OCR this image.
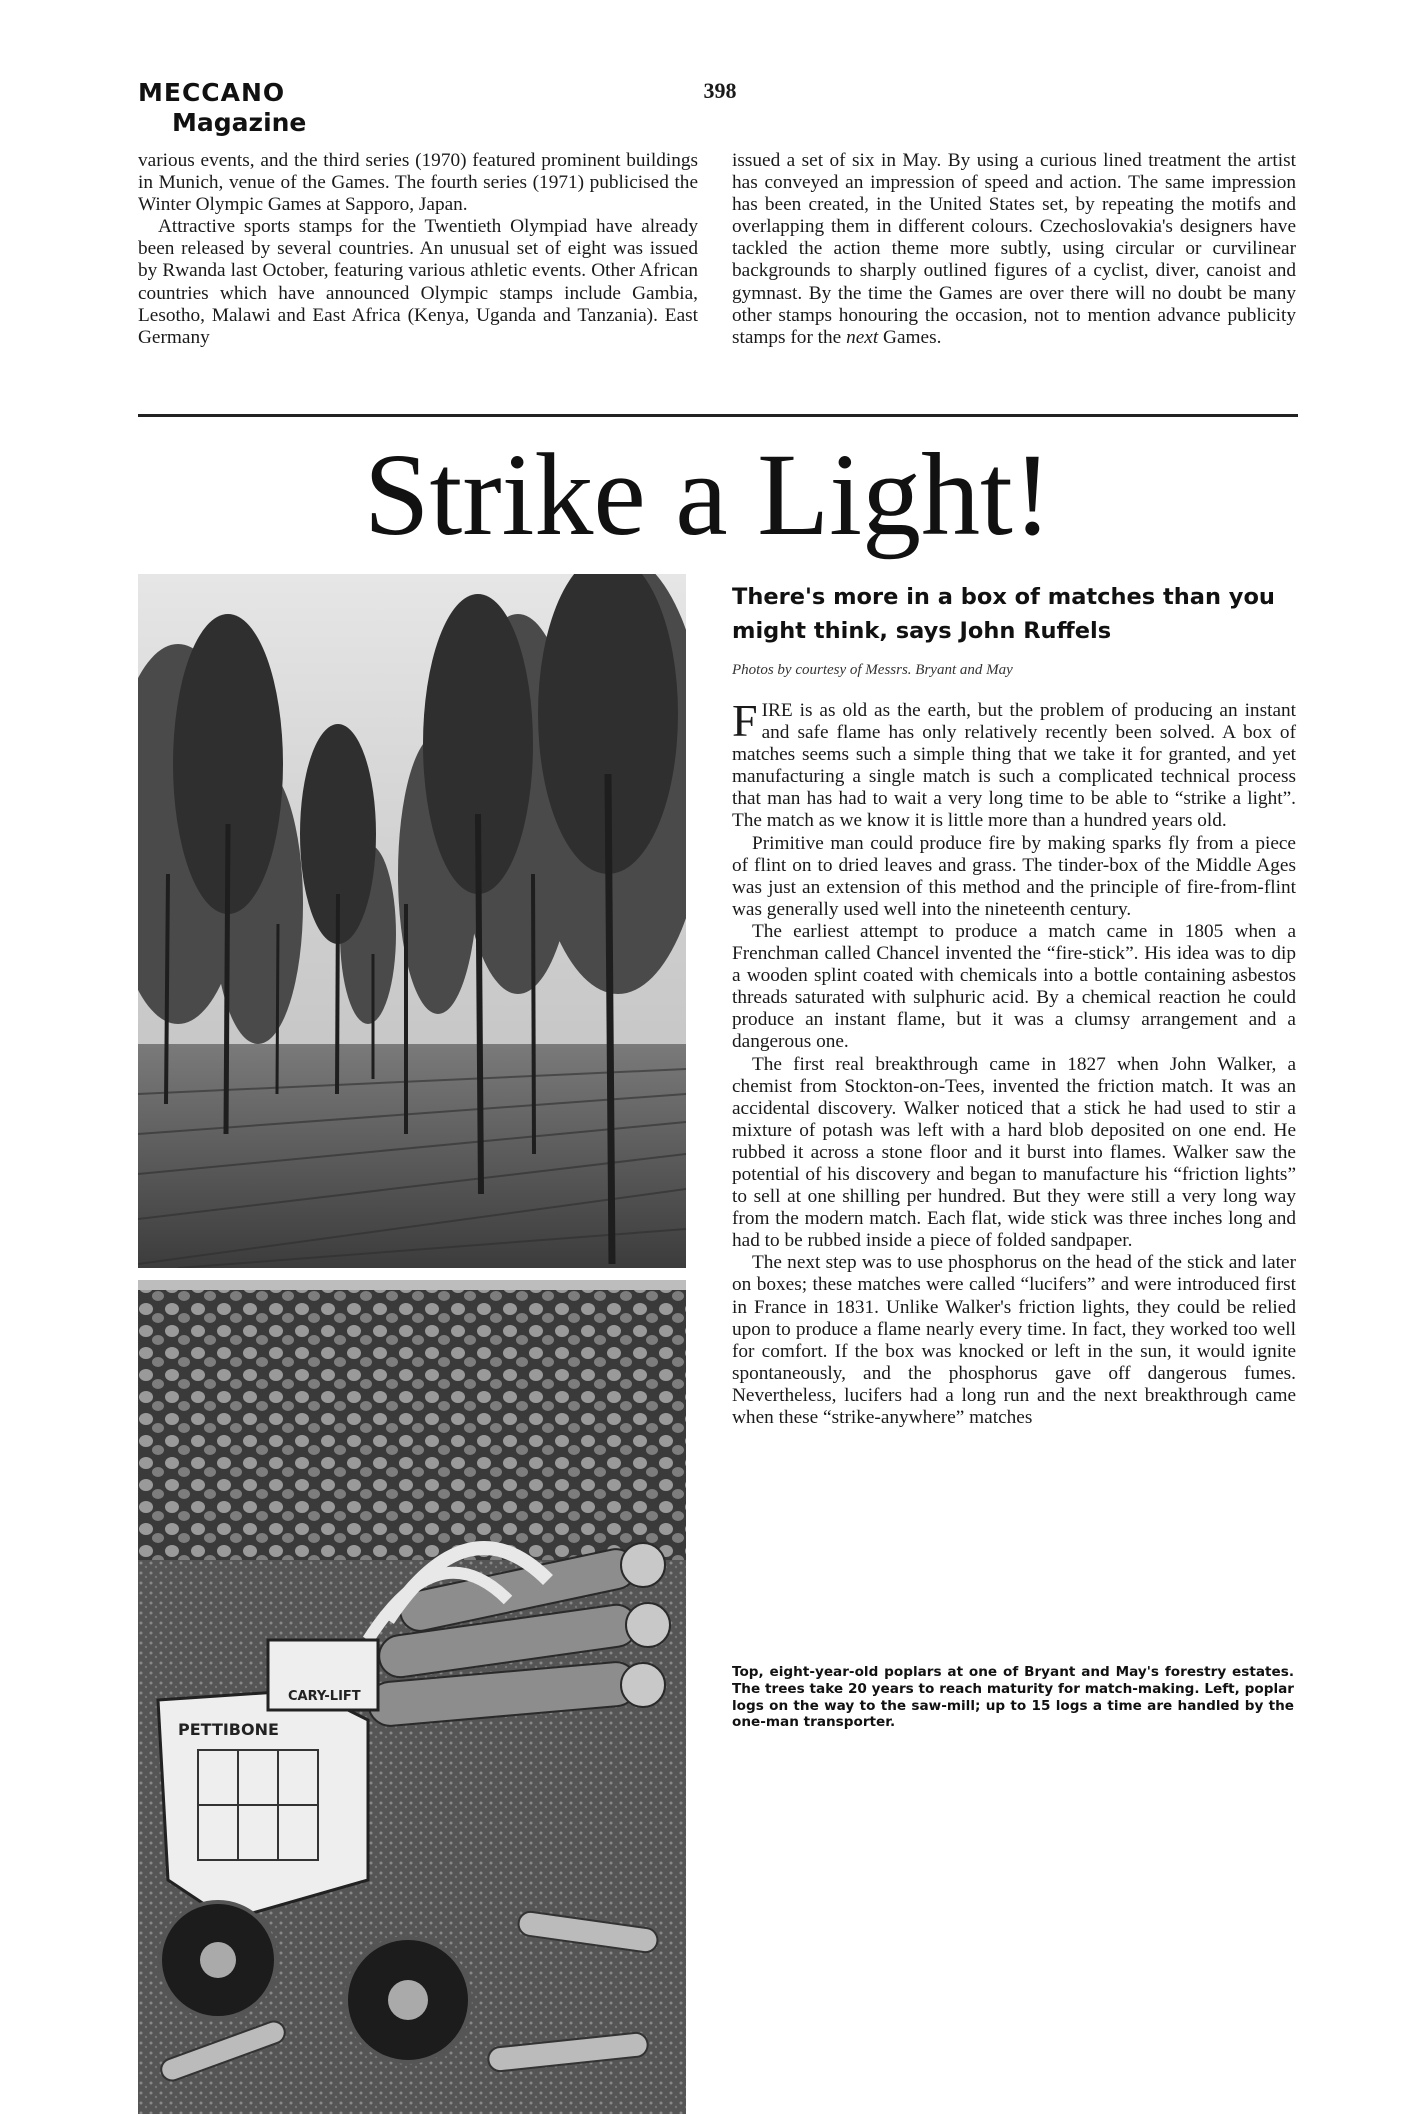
MECCANO
Magazine
398

various events, and the third series (1970) featured prominent buildings in Munich, venue of the Games. The fourth series (1971) publicised the Winter Olympic Games at Sapporo, Japan.

Attractive sports stamps for the Twentieth Olympiad have already been released by several countries. An unusual set of eight was issued by Rwanda last October, featuring various athletic events. Other African countries which have announced Olympic stamps include Gambia, Lesotho, Malawi and East Africa (Kenya, Uganda and Tanzania). East Germany

issued a set of six in May. By using a curious lined treatment the artist has conveyed an impression of speed and action. The same impression has been created, in the United States set, by repeating the motifs and overlapping them in different colours. Czechoslovakia's designers have tackled the action theme more subtly, using circular or curvilinear backgrounds to sharply outlined figures of a cyclist, diver, canoist and gymnast. By the time the Games are over there will no doubt be many other stamps honouring the occasion, not to mention advance publicity stamps for the next Games.

Strike a Light!
PETTIBONE
CARY-LIFT
There's more in a box of matches than you might think, says John Ruffels
Photos by courtesy of Messrs. Bryant and May

FIRE is as old as the earth, but the problem of producing an instant and safe flame has only relatively recently been solved. A box of matches seems such a simple thing that we take it for granted, and yet manufacturing a single match is such a complicated technical process that man has had to wait a very long time to be able to “strike a light”. The match as we know it is little more than a hundred years old.

Primitive man could produce fire by making sparks fly from a piece of flint on to dried leaves and grass. The tinder-box of the Middle Ages was just an extension of this method and the principle of fire-from-flint was generally used well into the nineteenth century.

The earliest attempt to produce a match came in 1805 when a Frenchman called Chancel invented the “fire-stick”. His idea was to dip a wooden splint coated with chemicals into a bottle containing asbestos threads saturated with sulphuric acid. By a chemical reaction he could produce an instant flame, but it was a clumsy arrangement and a dangerous one.

The first real breakthrough came in 1827 when John Walker, a chemist from Stockton-on-Tees, invented the friction match. It was an accidental discovery. Walker noticed that a stick he had used to stir a mixture of potash was left with a hard blob deposited on one end. He rubbed it across a stone floor and it burst into flames. Walker saw the potential of his discovery and began to manufacture his “friction lights” to sell at one shilling per hundred. But they were still a very long way from the modern match. Each flat, wide stick was three inches long and had to be rubbed inside a piece of folded sandpaper.

The next step was to use phosphorus on the head of the stick and later on boxes; these matches were called “lucifers” and were introduced first in France in 1831. Unlike Walker's friction lights, they could be relied upon to produce a flame nearly every time. In fact, they worked too well for comfort. If the box was knocked or left in the sun, it would ignite spontaneously, and the phosphorus gave off dangerous fumes. Nevertheless, lucifers had a long run and the next breakthrough came when these “strike-anywhere” matches

Top, eight-year-old poplars at one of Bryant and May's forestry estates. The trees take 20 years to reach maturity for match-making. Left, poplar logs on the way to the saw-mill; up to 15 logs a time are handled by the one-man transporter.
